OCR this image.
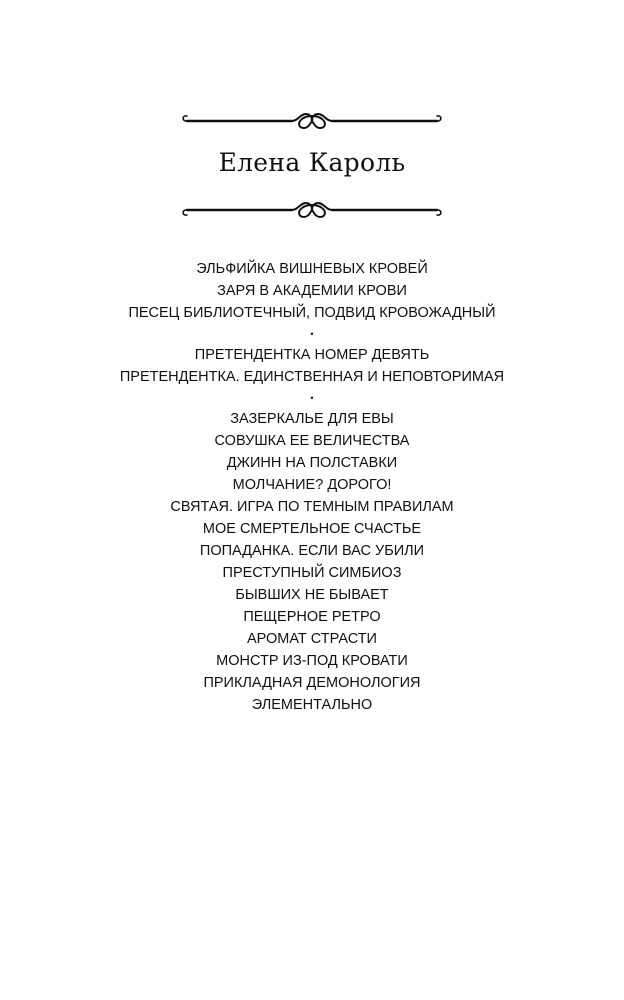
Елена Кароль
ЭЛЬФИЙКА ВИШНЕВЫХ КРОВЕЙ
ЗАРЯ В АКАДЕМИИ КРОВИ
ПЕСЕЦ БИБЛИОТЕЧНЫЙ, ПОДВИД КРОВОЖАДНЫЙ
•
ПРЕТЕНДЕНТКА НОМЕР ДЕВЯТЬ
ПРЕТЕНДЕНТКА. ЕДИНСТВЕННАЯ И НЕПОВТОРИМАЯ
•
ЗАЗЕРКАЛЬЕ ДЛЯ ЕВЫ
СОВУШКА ЕЕ ВЕЛИЧЕСТВА
ДЖИНН НА ПОЛСТАВКИ
МОЛЧАНИЕ? ДОРОГО!
СВЯТАЯ. ИГРА ПО ТЕМНЫМ ПРАВИЛАМ
МОЕ СМЕРТЕЛЬНОЕ СЧАСТЬЕ
ПОПАДАНКА. ЕСЛИ ВАС УБИЛИ
ПРЕСТУПНЫЙ СИМБИОЗ
БЫВШИХ НЕ БЫВАЕТ
ПЕЩЕРНОЕ РЕТРО
АРОМАТ СТРАСТИ
МОНСТР ИЗ-ПОД КРОВАТИ
ПРИКЛАДНАЯ ДЕМОНОЛОГИЯ
ЭЛЕМЕНТАЛЬНО
